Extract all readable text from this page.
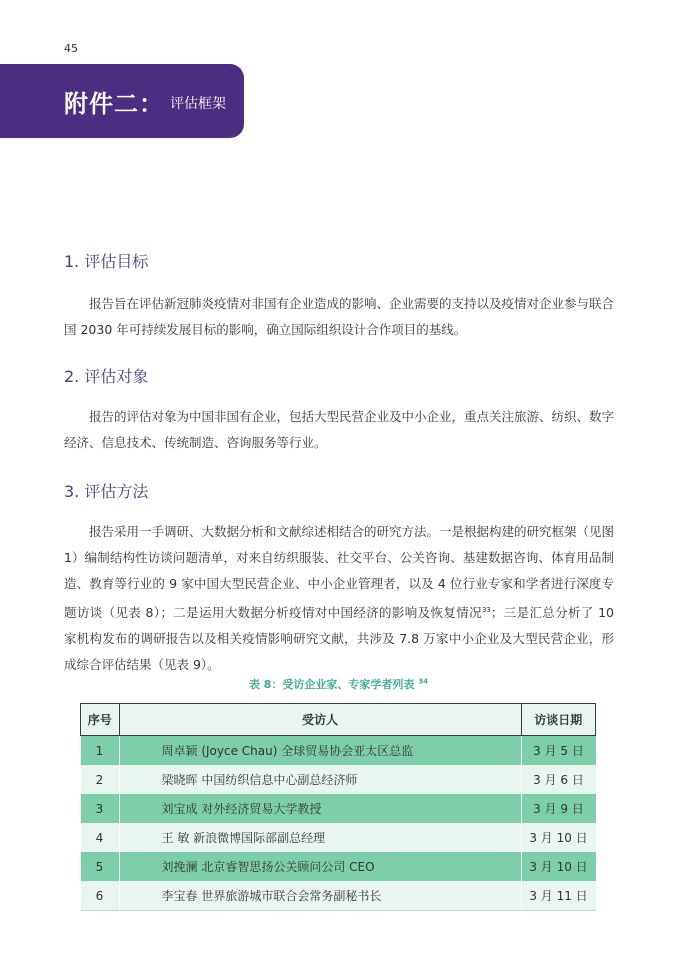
45
附件二： 评估框架
1. 评估目标

报告旨在评估新冠肺炎疫情对非国有企业造成的影响、企业需要的支持以及疫情对企业参与联合国 2030 年可持续发展目标的影响，确立国际组织设计合作项目的基线。

2. 评估对象

报告的评估对象为中国非国有企业，包括大型民营企业及中小企业，重点关注旅游、纺织、数字经济、信息技术、传统制造、咨询服务等行业。

3. 评估方法

报告采用一手调研、大数据分析和文献综述相结合的研究方法。一是根据构建的研究框架（见图1）编制结构性访谈问题清单，对来自纺织服装、社交平台、公关咨询、基建数据咨询、体育用品制造、教育等行业的 9 家中国大型民营企业、中小企业管理者，以及 4 位行业专家和学者进行深度专题访谈（见表 8）；二是运用大数据分析疫情对中国经济的影响及恢复情况$^{33}$；三是汇总分析了 10 家机构发布的调研报告以及相关疫情影响研究文献，共涉及 7.8 万家中小企业及大型民营企业，形成综合评估结果（见表 9）。

表 8：受访企业家、专家学者列表 $^{34}$
序号	受访人	访谈日期
1	周卓颖 (Joyce Chau) 全球贸易协会亚太区总监	3 月 5 日
2	梁晓晖 中国纺织信息中心副总经济师	3 月 6 日
3	刘宝成 对外经济贸易大学教授	3 月 9 日
4	王 敏 新浪微博国际部副总经理	3 月 10 日
5	刘挽澜 北京睿智思扬公关顾问公司 CEO	3 月 10 日
6	李宝春 世界旅游城市联合会常务副秘书长	3 月 11 日
